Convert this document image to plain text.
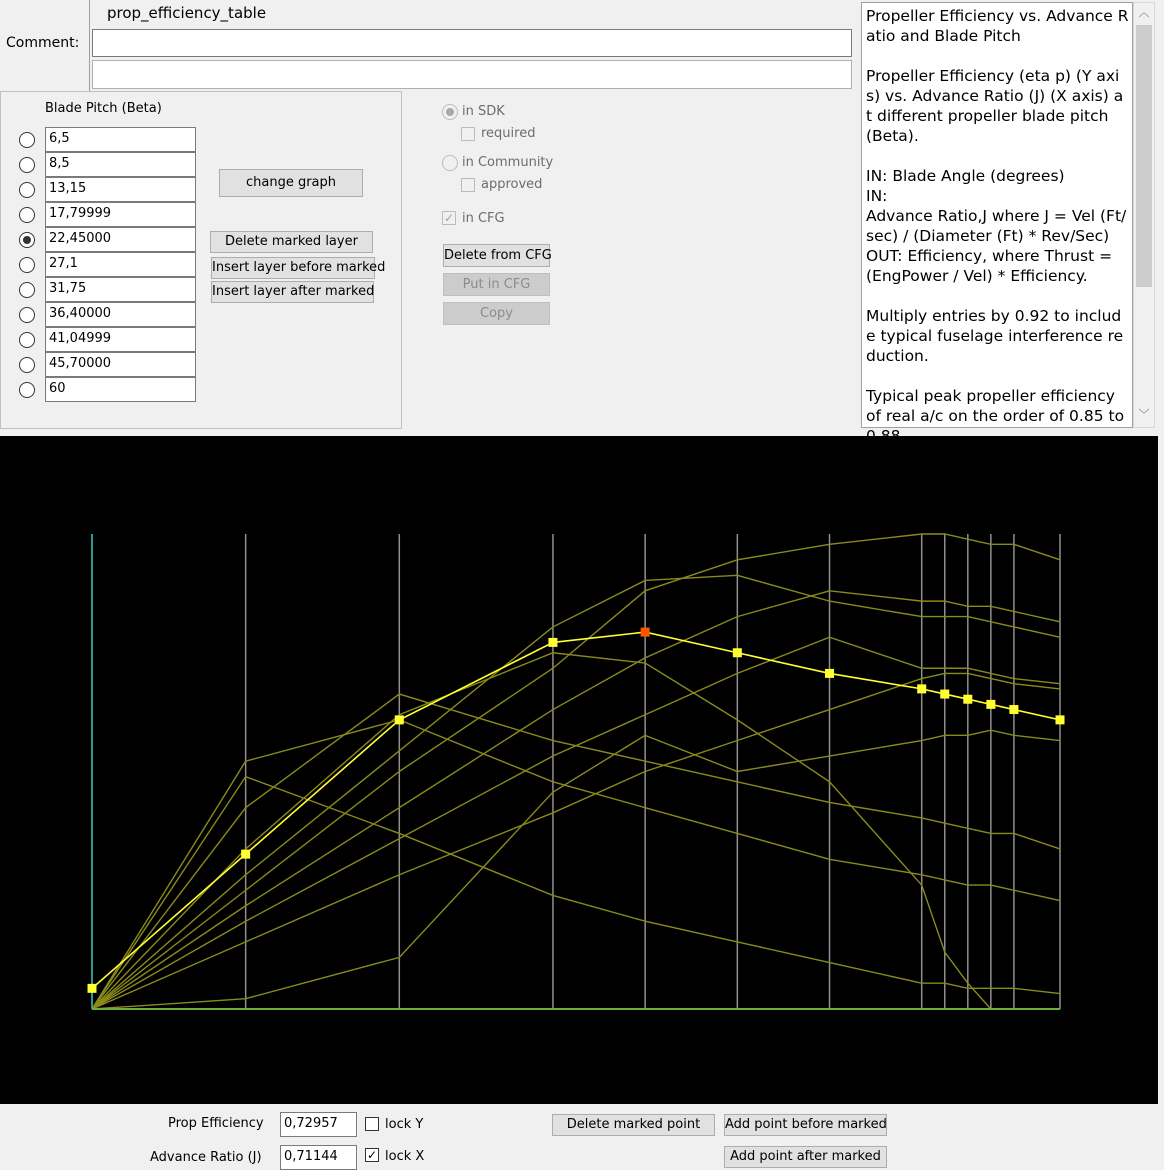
prop_efficiency_table
Comment:
Blade Pitch (Beta)
6,5
8,5
13,15
17,79999
22,45000
27,1
31,75
36,40000
41,04999
45,70000
60
change graph
Delete marked layer
Insert layer before marked
Insert layer after marked
in SDK
required
in Community
approved
✓ in CFG
Delete from CFG
Put in CFG
Copy

Propeller Efficiency vs. Advance Ratio and Blade Pitch

Propeller Efficiency (eta p) (Y axis) vs. Advance Ratio (J) (X axis) at different propeller blade pitch (Beta).

IN: Blade Angle (degrees)
IN:
Advance Ratio,J where J = Vel (Ft/sec) / (Diameter (Ft) * Rev/Sec)
OUT: Efficiency, where Thrust = (EngPower / Vel) * Efficiency.

Multiply entries by 0.92 to include typical fuselage interference reduction.

Typical peak propeller efficiency of real a/c on the order of 0.85 to

︿
﹀
Prop Efficiency	0,72957	lock Y
Advance Ratio (J)	0,71144	✓ lock X
Delete marked point	Add point before marked
Add point after marked
